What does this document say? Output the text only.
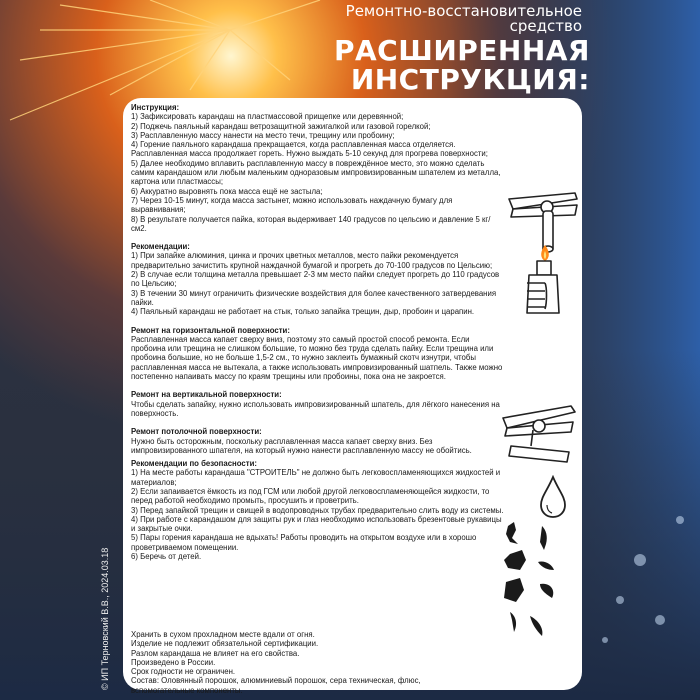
Ремонтно-восстановительное средство
РАСШИРЕННАЯ ИНСТРУКЦИЯ:
Инструкция:
1) Зафиксировать карандаш на пластмассовой прищепке или деревянной;
2) Поджечь паяльный карандаш ветрозащитной зажигалкой или газовой горелкой;
3) Расплавленную массу нанести на место течи, трещину или пробоину;
4) Горение паяльного карандаша прекращается, когда расплавленная масса отделяется. Расплавленная масса продолжает гореть. Нужно выждать 5-10 секунд для прогрева поверхности;
5) Далее необходимо вплавить расплавленную массу в повреждённое место, это можно сделать самим карандашом или любым маленьким одноразовым импровизированным шпателем из металла, картона или пластмассы;
6) Аккуратно выровнять пока масса ещё не застыла;
7) Через 10-15 минут, когда масса застынет, можно использовать наждачную бумагу для выравнивания;
8) В результате получается пайка, которая выдерживает 140 градусов по цельсию и давление 5 кг/см2.
Рекомендации:
1) При запайке алюминия, цинка и прочих цветных металлов, место пайки рекомендуется предварительно зачистить крупной наждачной бумагой и прогреть до 70-100 градусов по Цельсию;
2) В случае если толщина металла превышает 2-3 мм место пайки следует прогреть до 110 градусов по Цельсию;
3) В течении 30 минут ограничить физические воздействия для более качественного затвердевания пайки.
4) Паяльный карандаш не работает на стык, только запайка трещин, дыр, пробоин и царапин.
Ремонт на горизонтальной поверхности:
Расплавленная масса капает сверху вниз, поэтому это самый простой способ ремонта. Если пробоина или трещина не слишком большие, то можно без труда сделать пайку. Если трещина или пробоина большие, но не больше 1,5-2 см., то нужно заклеить бумажный скотч изнутри, чтобы расплавленная масса не вытекала, а также использовать импровизированный шатпель. Также можно постепенно напаивать массу по краям трещины или пробоины, пока она не закроется.
Ремонт на вертикальной поверхности:
Чтобы сделать запайку, нужно использовать импровизированный шпатель, для лёгкого нанесения на поверхность.
Ремонт потолочной поверхности:
Нужно быть осторожным, поскольку расплавленная масса капает сверху вниз. Без импровизированного шпателя, на который нужно нанести расплавленную массу не обойтись.
Рекомендации по безопасности:
1) На месте работы карандаша "СТРОИТЕЛЬ" не должно быть легковоспламеняющихся жидкостей и материалов;
2) Если запаивается ёмкость из под ГСМ или любой другой легковоспламеняющейся жидкости, то перед работой необходимо промыть, просушить и проветрить.
3) Перед запайкой трещин и свищей в водопроводных трубах предварительно слить воду из системы.
4) При работе с карандашом для защиты рук и глаз необходимо использовать брезентовые рукавицы и закрытые очки.
5) Пары горения карандаша не вдыхать! Работы проводить на открытом воздухе или в хорошо проветриваемом помещении.
6) Беречь от детей.
Хранить в сухом прохладном месте вдали от огня.
Изделие не подлежит обязательной сертификации.
Разлом карандаша не влияет на его свойства.
Произведено в России.
Срок годности не ограничен.
Состав: Оловянный порошок, алюминиевый порошок, сера техническая, флюс, вспомогательные компоненты.
© ИП Терновский В.В., 2024.03.18
